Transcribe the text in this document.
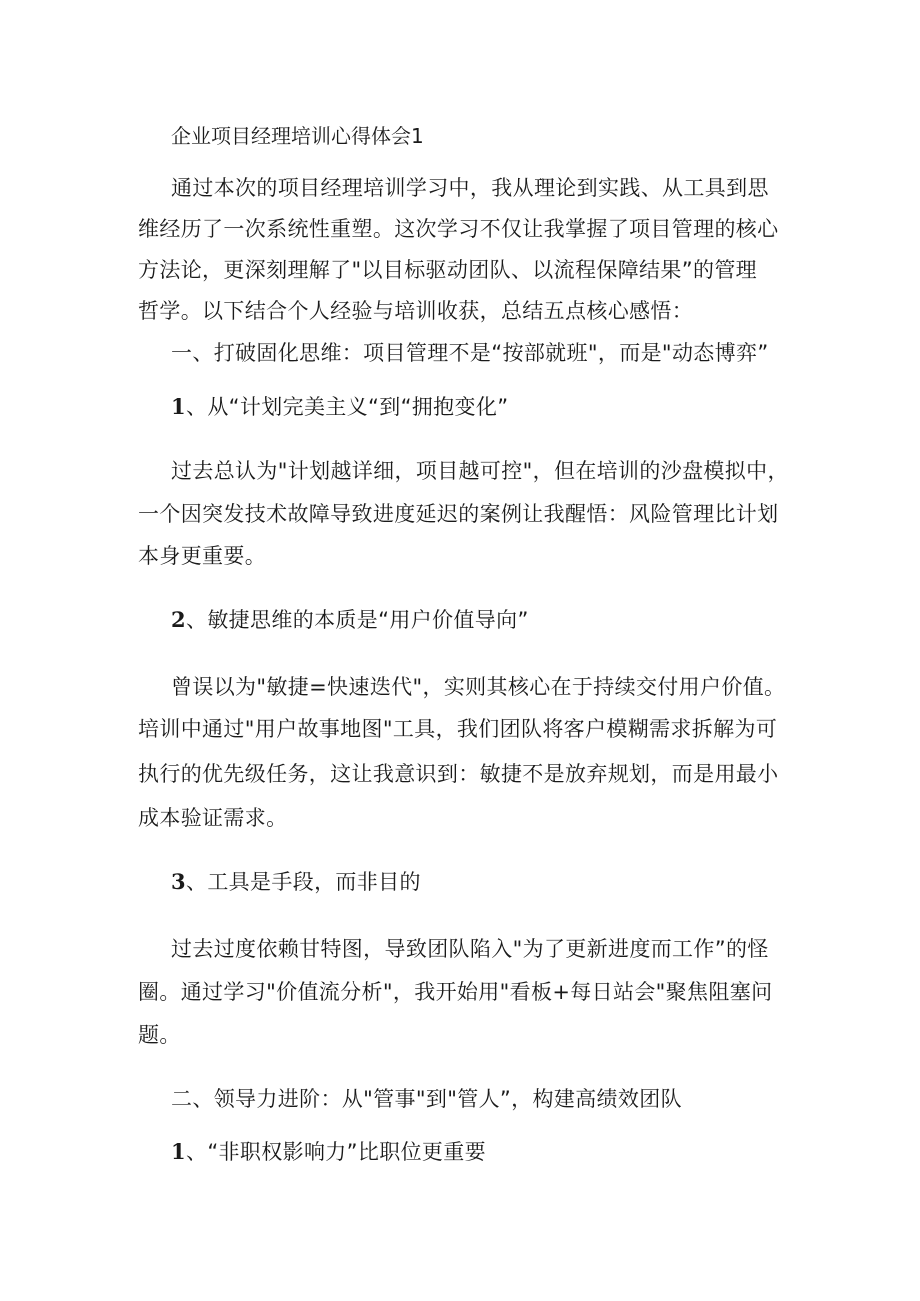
企业项目经理培训心得体会1
通过本次的项目经理培训学习中，我从理论到实践、从工具到思
维经历了一次系统性重塑。这次学习不仅让我掌握了项目管理的核心
方法论，更深刻理解了"以目标驱动团队、以流程保障结果”的管理
哲学。以下结合个人经验与培训收获，总结五点核心感悟：
一、打破固化思维：项目管理不是“按部就班"，而是"动态博弈”
1、从“计划完美主义“到“拥抱变化”
过去总认为"计划越详细，项目越可控"，但在培训的沙盘模拟中，
一个因突发技术故障导致进度延迟的案例让我醒悟：风险管理比计划
本身更重要。
2、敏捷思维的本质是“用户价值导向”
曾误以为"敏捷=快速迭代"，实则其核心在于持续交付用户价值。
培训中通过"用户故事地图"工具，我们团队将客户模糊需求拆解为可
执行的优先级任务，这让我意识到：敏捷不是放弃规划，而是用最小
成本验证需求。
3、工具是手段，而非目的
过去过度依赖甘特图，导致团队陷入"为了更新进度而工作”的怪
圈。通过学习"价值流分析"，我开始用"看板+每日站会"聚焦阻塞问
题。
二、领导力进阶：从"管事"到"管人”，构建高绩效团队
1、“非职权影响力”比职位更重要
